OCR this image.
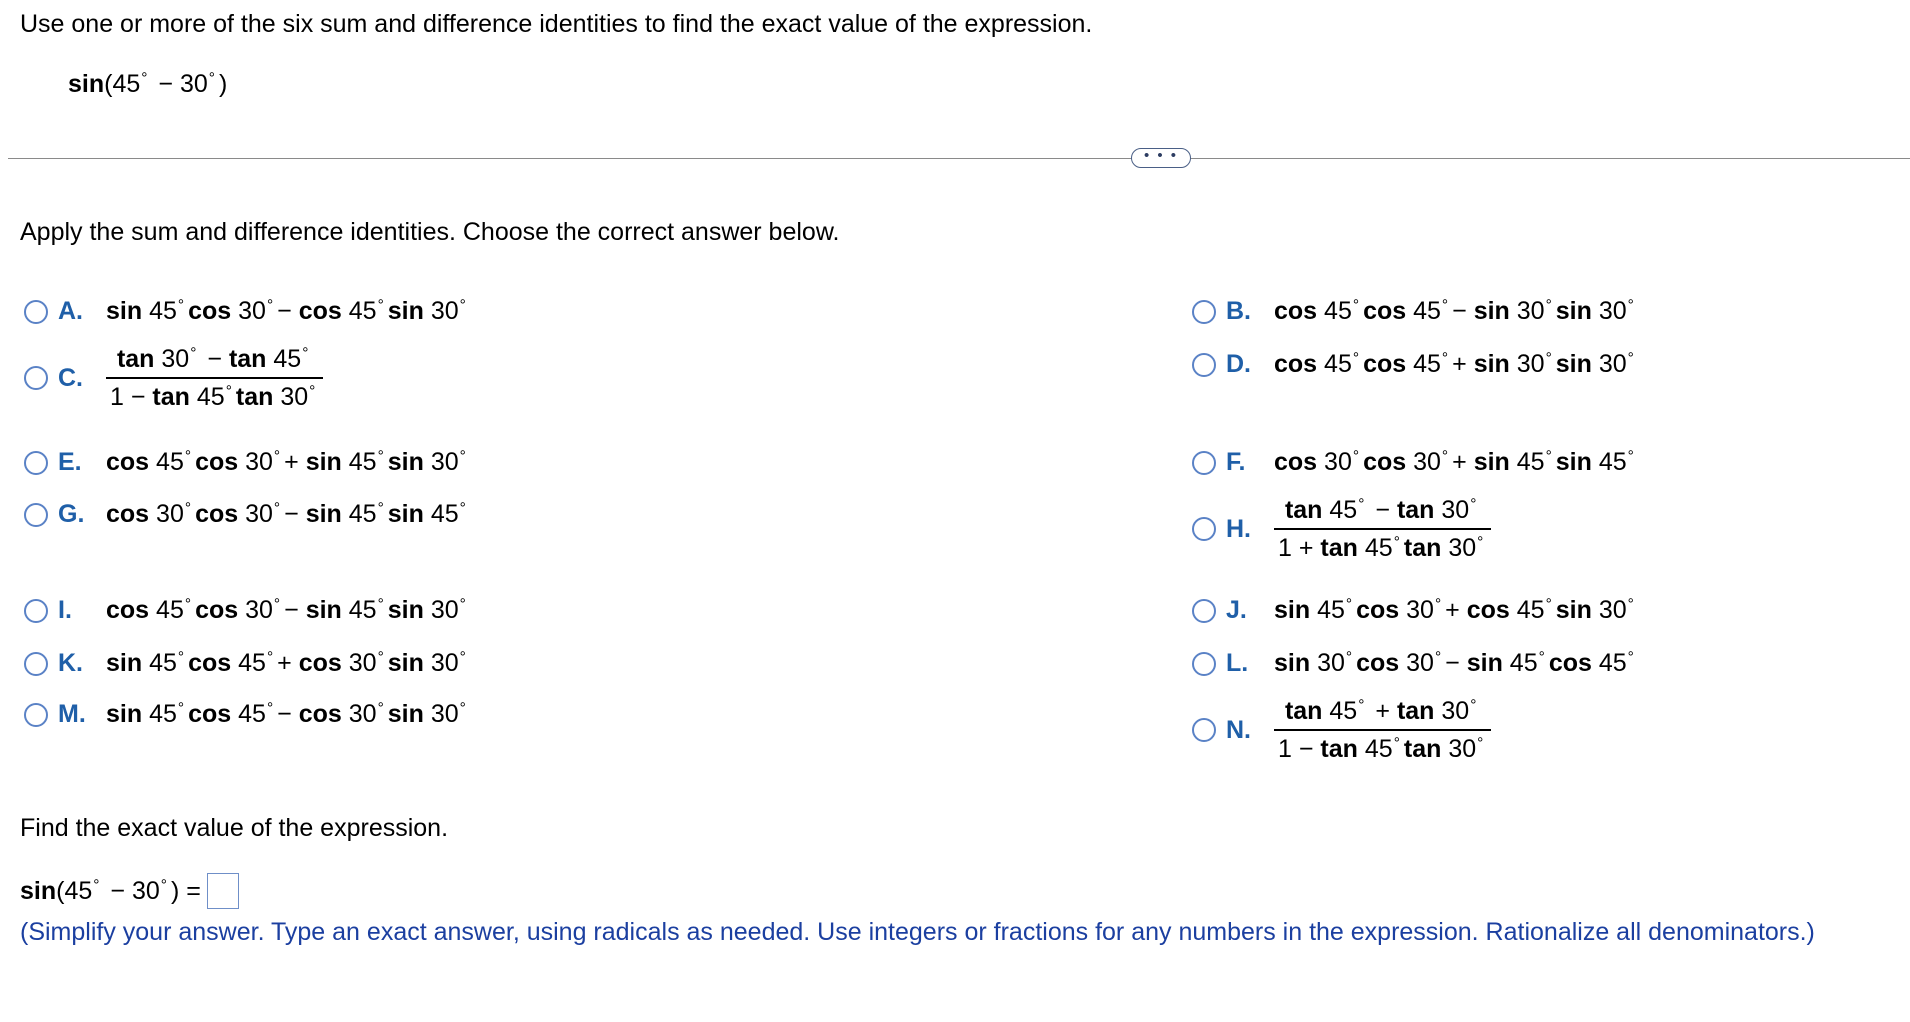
Use one or more of the six sum and difference identities to find the exact value of the expression.
sin(45° − 30° )
• • •
Apply the sum and difference identities. Choose the correct answer below.
A. sin 45° cos 30° − cos 45° sin 30°	B. cos 45° cos 45° − sin 30° sin 30°
C. $\frac{\tan 30^\circ - \tan 45^\circ}{1 - \tan 45^\circ \tan 30^\circ}$	D. cos 45° cos 45° + sin 30° sin 30°
E. cos 45° cos 30° + sin 45° sin 30°	F.	cos 30° cos 30° + sin 45° sin 45°
G. cos 30° cos 30° − sin 45° sin 45°
H. $\frac{\tan 45^\circ - \tan 30^\circ}{1 + \tan 45^\circ \tan 30^\circ}$
I.	cos 45° cos 30° − sin 45° sin 30°	J.	sin 45° cos 30° + cos 45° sin 30°
K. sin 45° cos 45° + cos 30° sin 30°	L.	sin 30° cos 30° − sin 45° cos 45°
M. sin 45° cos 45° − cos 30° sin 30°
N. $\frac{\tan 45^\circ + \tan 30^\circ}{1 - \tan 45^\circ \tan 30^\circ}$
Find the exact value of the expression.
sin(45° − 30° ) =
(Simplify your answer. Type an exact answer, using radicals as needed. Use integers or fractions for any numbers in the expression. Rationalize all denominators.)
